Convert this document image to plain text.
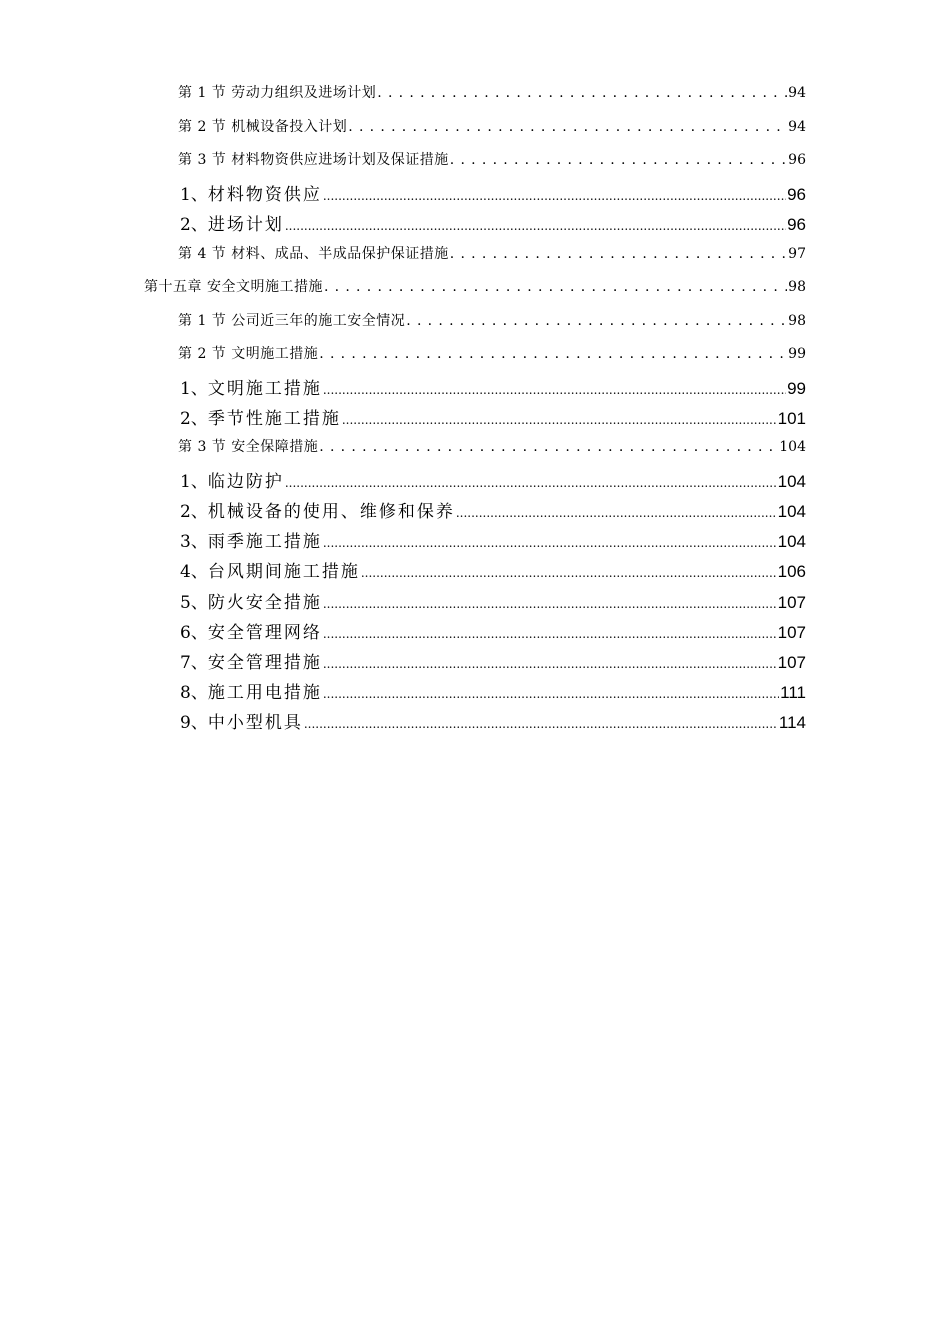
第 1 节 劳动力组织及进场计划 . . .	94
第 2 节 机械设备投入计划 . . .	94
第 3 节 材料物资供应进场计划及保证措施 . . .	96
1、 材料物资供应 .....	96
2、 进场计划 .....	96
第 4 节 材料、成品、半成品保护保证措施 . . .	97
第十五章 安全文明施工措施 . . .	98
第 1 节 公司近三年的施工安全情况 . . .	98
第 2 节 文明施工措施 . . .	99
1、 文明施工措施 .....	99
2、 季节性施工措施 .....	101
第 3 节 安全保障措施 . . .	104
1、 临边防护 .....	104
2、 机械设备的使用、维修和保养 .....	104
3、 雨季施工措施 .....	104
4、 台风期间施工措施 .....	106
5、 防火安全措施 .....	107
6、 安全管理网络 .....	107
7、 安全管理措施 .....	107
8、 施工用电措施 .....	111
9、 中小型机具 .....	114
